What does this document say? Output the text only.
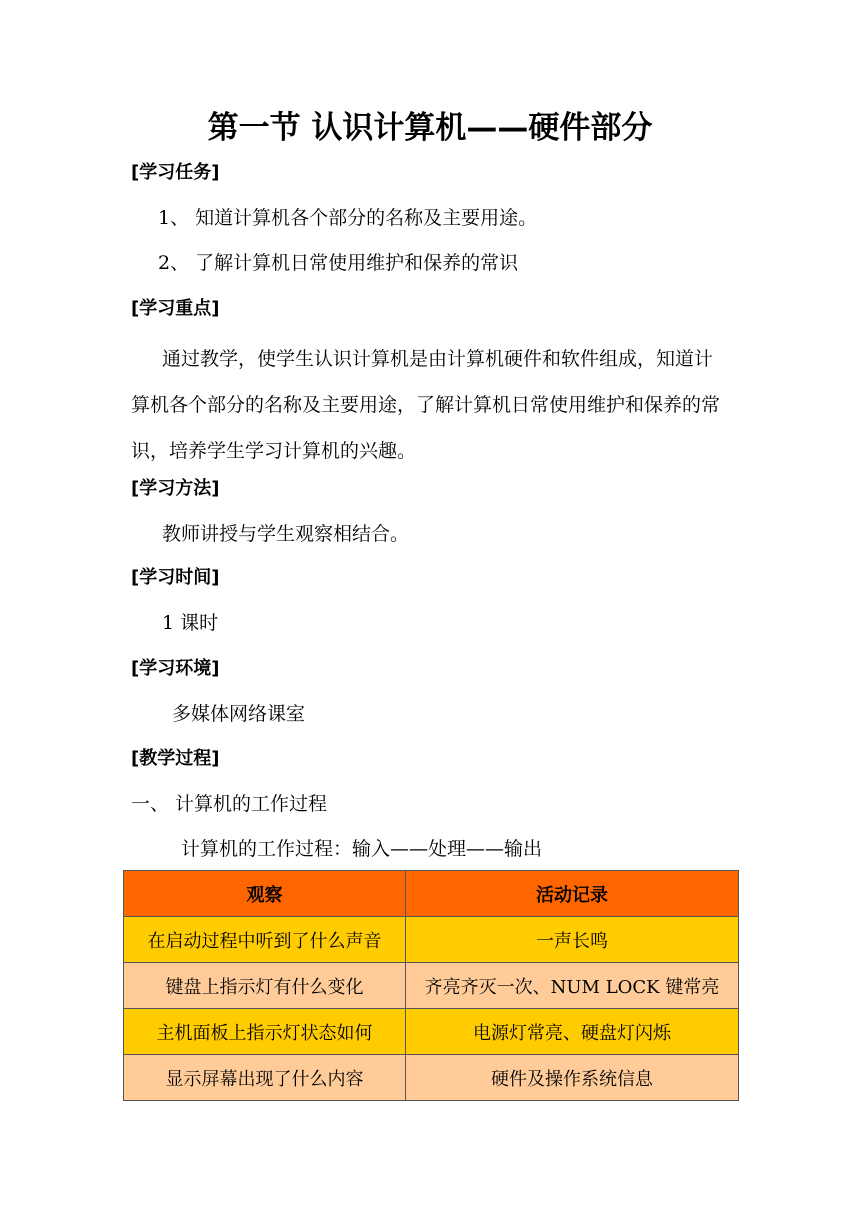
第一节 认识计算机——硬件部分
[学习任务]
1、 知道计算机各个部分的名称及主要用途。
2、 了解计算机日常使用维护和保养的常识
[学习重点]
通过教学，使学生认识计算机是由计算机硬件和软件组成，知道计算机各个部分的名称及主要用途，了解计算机日常使用维护和保养的常识，培养学生学习计算机的兴趣。
[学习方法]
教师讲授与学生观察相结合。
[学习时间]
1 课时
[学习环境]
多媒体网络课室
[教学过程]
一、 计算机的工作过程
计算机的工作过程：输入——处理——输出
观察	活动记录
在启动过程中听到了什么声音	一声长鸣
键盘上指示灯有什么变化	齐亮齐灭一次、NUM LOCK 键常亮
主机面板上指示灯状态如何	电源灯常亮、硬盘灯闪烁
显示屏幕出现了什么内容	硬件及操作系统信息
